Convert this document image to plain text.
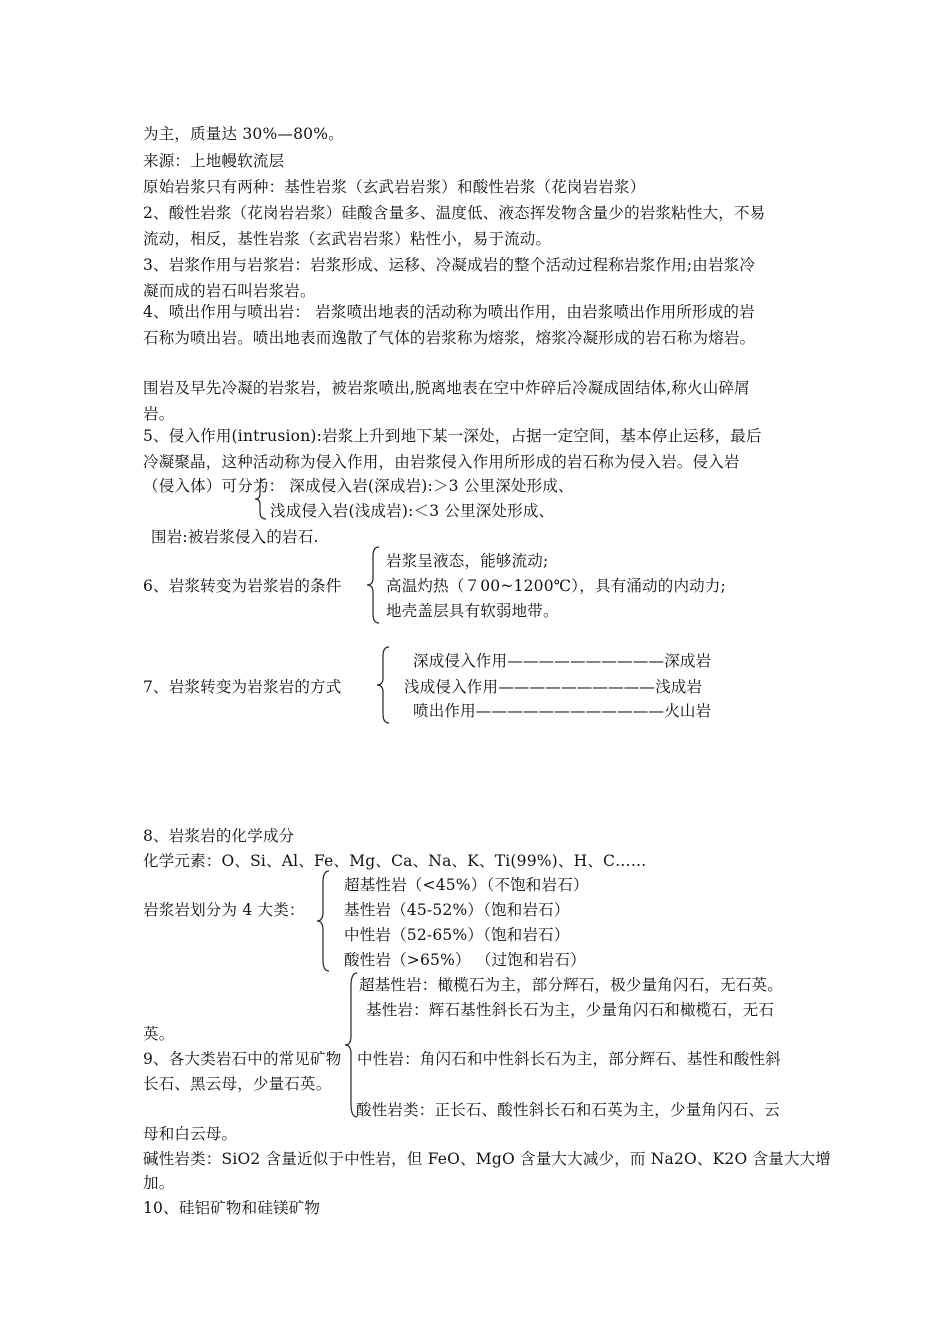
为主，质量达 30%—80%。
来源：上地幔软流层
原始岩浆只有两种：基性岩浆（玄武岩岩浆）和酸性岩浆（花岗岩岩浆）
2、酸性岩浆（花岗岩岩浆）硅酸含量多、温度低、液态挥发物含量少的岩浆粘性大，不易
流动，相反，基性岩浆（玄武岩岩浆）粘性小，易于流动。
3、岩浆作用与岩浆岩：岩浆形成、运移、冷凝成岩的整个活动过程称岩浆作用;由岩浆冷
凝而成的岩石叫岩浆岩。
4、喷出作用与喷出岩： 岩浆喷出地表的活动称为喷出作用，由岩浆喷出作用所形成的岩
石称为喷出岩。喷出地表而逸散了气体的岩浆称为熔浆，熔浆冷凝形成的岩石称为熔岩。
围岩及早先冷凝的岩浆岩，被岩浆喷出,脱离地表在空中炸碎后冷凝成固结体,称火山碎屑
岩。
5、侵入作用(intrusion):岩浆上升到地下某一深处，占据一定空间，基本停止运移，最后
冷凝聚晶，这种活动称为侵入作用，由岩浆侵入作用所形成的岩石称为侵入岩。侵入岩
（侵入体）可分为： 深成侵入岩(深成岩):＞3 公里深处形成、
浅成侵入岩(浅成岩):＜3 公里深处形成、
围岩:被岩浆侵入的岩石.
岩浆呈液态，能够流动;
6、岩浆转变为岩浆岩的条件	高温灼热（７00~1200℃），具有涌动的内动力;
地壳盖层具有软弱地带。
深成侵入作用——————————深成岩
7、岩浆转变为岩浆岩的方式	浅成侵入作用——————————浅成岩
喷出作用————————————火山岩
8、岩浆岩的化学成分
化学元素：O、Si、Al、Fe、Mg、Ca、Na、K、Ti(99%)、H、C……
超基性岩（<45%）（不饱和岩石）
岩浆岩划分为 4 大类：	基性岩（45-52%）（饱和岩石）
中性岩（52-65%）（饱和岩石）
酸性岩（>65%） （过饱和岩石）
超基性岩：橄榄石为主，部分辉石，极少量角闪石，无石英。
基性岩：辉石基性斜长石为主，少量角闪石和橄榄石，无石
英。
9、各大类岩石中的常见矿物 中性岩：角闪石和中性斜长石为主，部分辉石、基性和酸性斜
长石、黑云母，少量石英。
酸性岩类：正长石、酸性斜长石和石英为主，少量角闪石、云
母和白云母。
碱性岩类：SiO2 含量近似于中性岩，但 FeO、MgO 含量大大减少，而 Na2O、K2O 含量大大增
加。
10、硅铝矿物和硅镁矿物
